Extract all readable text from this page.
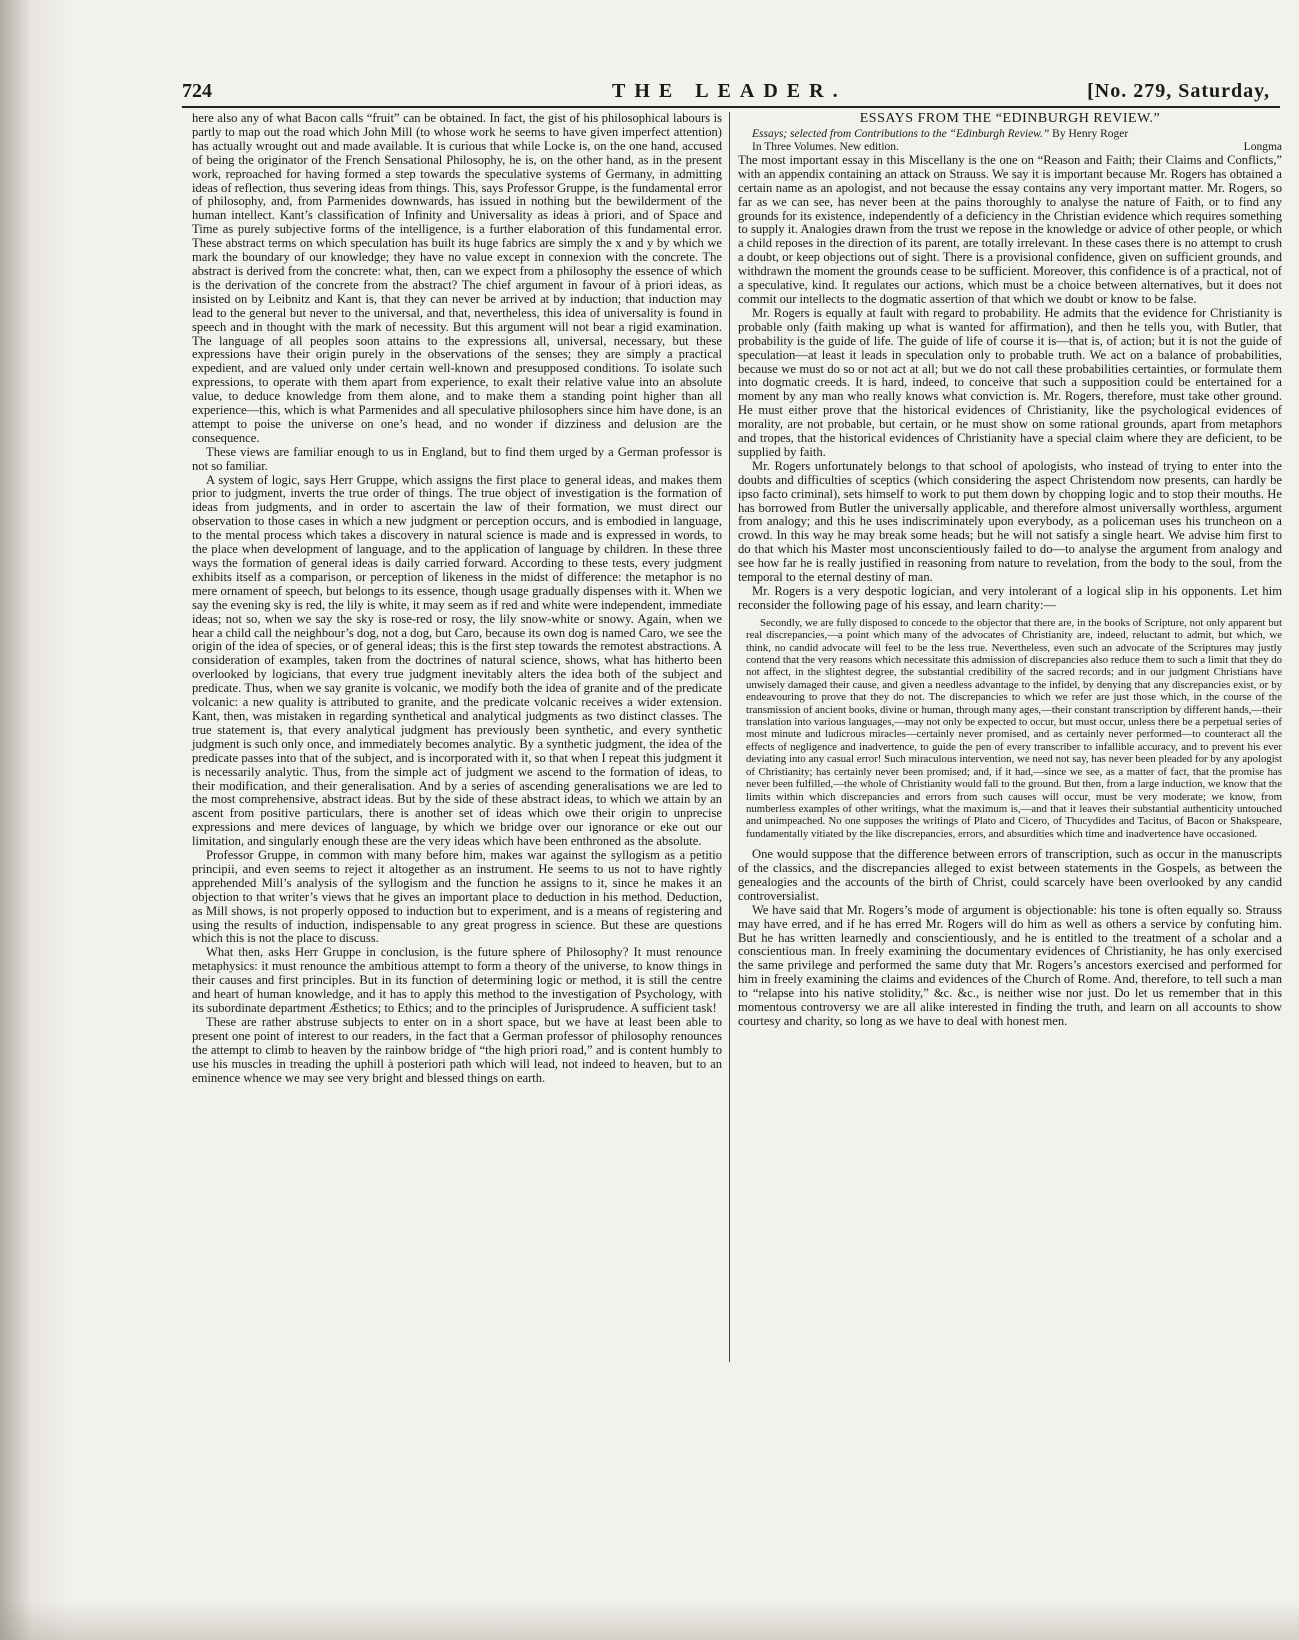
724	THE LEADER.	[No. 279, Saturday,

here also any of what Bacon calls “fruit” can be obtained. In fact, the gist of his philosophical labours is partly to map out the road which John Mill (to whose work he seems to have given imperfect attention) has actually wrought out and made available. It is curious that while Locke is, on the one hand, accused of being the originator of the French Sensational Philosophy, he is, on the other hand, as in the present work, reproached for having formed a step towards the speculative systems of Germany, in admitting ideas of reflection, thus severing ideas from things. This, says Professor Gruppe, is the fundamental error of philosophy, and, from Parmenides downwards, has issued in nothing but the bewilderment of the human intellect. Kant’s classification of Infinity and Universality as ideas à priori, and of Space and Time as purely subjective forms of the intelligence, is a further elaboration of this fundamental error. These abstract terms on which speculation has built its huge fabrics are simply the x and y by which we mark the boundary of our knowledge; they have no value except in connexion with the concrete. The abstract is derived from the concrete: what, then, can we expect from a philosophy the essence of which is the derivation of the concrete from the abstract? The chief argument in favour of à priori ideas, as insisted on by Leibnitz and Kant is, that they can never be arrived at by induction; that induction may lead to the general but never to the universal, and that, nevertheless, this idea of universality is found in speech and in thought with the mark of necessity. But this argument will not bear a rigid examination. The language of all peoples soon attains to the expressions all, universal, necessary, but these expressions have their origin purely in the observations of the senses; they are simply a practical expedient, and are valued only under certain well-known and presupposed conditions. To isolate such expressions, to operate with them apart from experience, to exalt their relative value into an absolute value, to deduce knowledge from them alone, and to make them a standing point higher than all experience—this, which is what Parmenides and all speculative philosophers since him have done, is an attempt to poise the universe on one’s head, and no wonder if dizziness and delusion are the consequence.

These views are familiar enough to us in England, but to find them urged by a German professor is not so familiar.

A system of logic, says Herr Gruppe, which assigns the first place to general ideas, and makes them prior to judgment, inverts the true order of things. The true object of investigation is the formation of ideas from judgments, and in order to ascertain the law of their formation, we must direct our observation to those cases in which a new judgment or perception occurs, and is embodied in language, to the mental process which takes a discovery in natural science is made and is expressed in words, to the place when development of language, and to the application of language by children. In these three ways the formation of general ideas is daily carried forward. According to these tests, every judgment exhibits itself as a comparison, or perception of likeness in the midst of difference: the metaphor is no mere ornament of speech, but belongs to its essence, though usage gradually dispenses with it. When we say the evening sky is red, the lily is white, it may seem as if red and white were independent, immediate ideas; not so, when we say the sky is rose-red or rosy, the lily snow-white or snowy. Again, when we hear a child call the neighbour’s dog, not a dog, but Caro, because its own dog is named Caro, we see the origin of the idea of species, or of general ideas; this is the first step towards the remotest abstractions. A consideration of examples, taken from the doctrines of natural science, shows, what has hitherto been overlooked by logicians, that every true judgment inevitably alters the idea both of the subject and predicate. Thus, when we say granite is volcanic, we modify both the idea of granite and of the predicate volcanic: a new quality is attributed to granite, and the predicate volcanic receives a wider extension. Kant, then, was mistaken in regarding synthetical and analytical judgments as two distinct classes. The true statement is, that every analytical judgment has previously been synthetic, and every synthetic judgment is such only once, and immediately becomes analytic. By a synthetic judgment, the idea of the predicate passes into that of the subject, and is incorporated with it, so that when I repeat this judgment it is necessarily analytic. Thus, from the simple act of judgment we ascend to the formation of ideas, to their modification, and their generalisation. And by a series of ascending generalisations we are led to the most comprehensive, abstract ideas. But by the side of these abstract ideas, to which we attain by an ascent from positive particulars, there is another set of ideas which owe their origin to unprecise expressions and mere devices of language, by which we bridge over our ignorance or eke out our limitation, and singularly enough these are the very ideas which have been enthroned as the absolute.

Professor Gruppe, in common with many before him, makes war against the syllogism as a petitio principii, and even seems to reject it altogether as an instrument. He seems to us not to have rightly apprehended Mill’s analysis of the syllogism and the function he assigns to it, since he makes it an objection to that writer’s views that he gives an important place to deduction in his method. Deduction, as Mill shows, is not properly opposed to induction but to experiment, and is a means of registering and using the results of induction, indispensable to any great progress in science. But these are questions which this is not the place to discuss.

What then, asks Herr Gruppe in conclusion, is the future sphere of Philosophy? It must renounce metaphysics: it must renounce the ambitious attempt to form a theory of the universe, to know things in their causes and first principles. But in its function of determining logic or method, it is still the centre and heart of human knowledge, and it has to apply this method to the investigation of Psychology, with its subordinate department Æsthetics; to Ethics; and to the principles of Jurisprudence. A sufficient task!

These are rather abstruse subjects to enter on in a short space, but we have at least been able to present one point of interest to our readers, in the fact that a German professor of philosophy renounces the attempt to climb to heaven by the rainbow bridge of “the high priori road,” and is content humbly to use his muscles in treading the uphill à posteriori path which will lead, not indeed to heaven, but to an eminence whence we may see very bright and blessed things on earth.

ESSAYS FROM THE “EDINBURGH REVIEW.”

Essays; selected from Contributions to the “Edinburgh Review.” By Henry Roger

In Three Volumes. New edition.	Longma

The most important essay in this Miscellany is the one on “Reason and Faith; their Claims and Conflicts,” with an appendix containing an attack on Strauss. We say it is important because Mr. Rogers has obtained a certain name as an apologist, and not because the essay contains any very important matter. Mr. Rogers, so far as we can see, has never been at the pains thoroughly to analyse the nature of Faith, or to find any grounds for its existence, independently of a deficiency in the Christian evidence which requires something to supply it. Analogies drawn from the trust we repose in the knowledge or advice of other people, or which a child reposes in the direction of its parent, are totally irrelevant. In these cases there is no attempt to crush a doubt, or keep objections out of sight. There is a provisional confidence, given on sufficient grounds, and withdrawn the moment the grounds cease to be sufficient. Moreover, this confidence is of a practical, not of a speculative, kind. It regulates our actions, which must be a choice between alternatives, but it does not commit our intellects to the dogmatic assertion of that which we doubt or know to be false.

Mr. Rogers is equally at fault with regard to probability. He admits that the evidence for Christianity is probable only (faith making up what is wanted for affirmation), and then he tells you, with Butler, that probability is the guide of life. The guide of life of course it is—that is, of action; but it is not the guide of speculation—at least it leads in speculation only to probable truth. We act on a balance of probabilities, because we must do so or not act at all; but we do not call these probabilities certainties, or formulate them into dogmatic creeds. It is hard, indeed, to conceive that such a supposition could be entertained for a moment by any man who really knows what conviction is. Mr. Rogers, therefore, must take other ground. He must either prove that the historical evidences of Christianity, like the psychological evidences of morality, are not probable, but certain, or he must show on some rational grounds, apart from metaphors and tropes, that the historical evidences of Christianity have a special claim where they are deficient, to be supplied by faith.

Mr. Rogers unfortunately belongs to that school of apologists, who instead of trying to enter into the doubts and difficulties of sceptics (which considering the aspect Christendom now presents, can hardly be ipso facto criminal), sets himself to work to put them down by chopping logic and to stop their mouths. He has borrowed from Butler the universally applicable, and therefore almost universally worthless, argument from analogy; and this he uses indiscriminately upon everybody, as a policeman uses his truncheon on a crowd. In this way he may break some heads; but he will not satisfy a single heart. We advise him first to do that which his Master most unconscientiously failed to do—to analyse the argument from analogy and see how far he is really justified in reasoning from nature to revelation, from the body to the soul, from the temporal to the eternal destiny of man.

Mr. Rogers is a very despotic logician, and very intolerant of a logical slip in his opponents. Let him reconsider the following page of his essay, and learn charity:—

Secondly, we are fully disposed to concede to the objector that there are, in the books of Scripture, not only apparent but real discrepancies,—a point which many of the advocates of Christianity are, indeed, reluctant to admit, but which, we think, no candid advocate will feel to be the less true. Nevertheless, even such an advocate of the Scriptures may justly contend that the very reasons which necessitate this admission of discrepancies also reduce them to such a limit that they do not affect, in the slightest degree, the substantial credibility of the sacred records; and in our judgment Christians have unwisely damaged their cause, and given a needless advantage to the infidel, by denying that any discrepancies exist, or by endeavouring to prove that they do not. The discrepancies to which we refer are just those which, in the course of the transmission of ancient books, divine or human, through many ages,—their constant transcription by different hands,—their translation into various languages,—may not only be expected to occur, but must occur, unless there be a perpetual series of most minute and ludicrous miracles—certainly never promised, and as certainly never performed—to counteract all the effects of negligence and inadvertence, to guide the pen of every transcriber to infallible accuracy, and to prevent his ever deviating into any casual error! Such miraculous intervention, we need not say, has never been pleaded for by any apologist of Christianity; has certainly never been promised; and, if it had,—since we see, as a matter of fact, that the promise has never been fulfilled,—the whole of Christianity would fall to the ground. But then, from a large induction, we know that the limits within which discrepancies and errors from such causes will occur, must be very moderate; we know, from numberless examples of other writings, what the maximum is,—and that it leaves their substantial authenticity untouched and unimpeached. No one supposes the writings of Plato and Cicero, of Thucydides and Tacitus, of Bacon or Shakspeare, fundamentally vitiated by the like discrepancies, errors, and absurdities which time and inadvertence have occasioned.

One would suppose that the difference between errors of transcription, such as occur in the manuscripts of the classics, and the discrepancies alleged to exist between statements in the Gospels, as between the genealogies and the accounts of the birth of Christ, could scarcely have been overlooked by any candid controversialist.

We have said that Mr. Rogers’s mode of argument is objectionable: his tone is often equally so. Strauss may have erred, and if he has erred Mr. Rogers will do him as well as others a service by confuting him. But he has written learnedly and conscientiously, and he is entitled to the treatment of a scholar and a conscientious man. In freely examining the documentary evidences of Christianity, he has only exercised the same privilege and performed the same duty that Mr. Rogers’s ancestors exercised and performed for him in freely examining the claims and evidences of the Church of Rome. And, therefore, to tell such a man to “relapse into his native stolidity,” &c. &c., is neither wise nor just. Do let us remember that in this momentous controversy we are all alike interested in finding the truth, and learn on all accounts to show courtesy and charity, so long as we have to deal with honest men.
